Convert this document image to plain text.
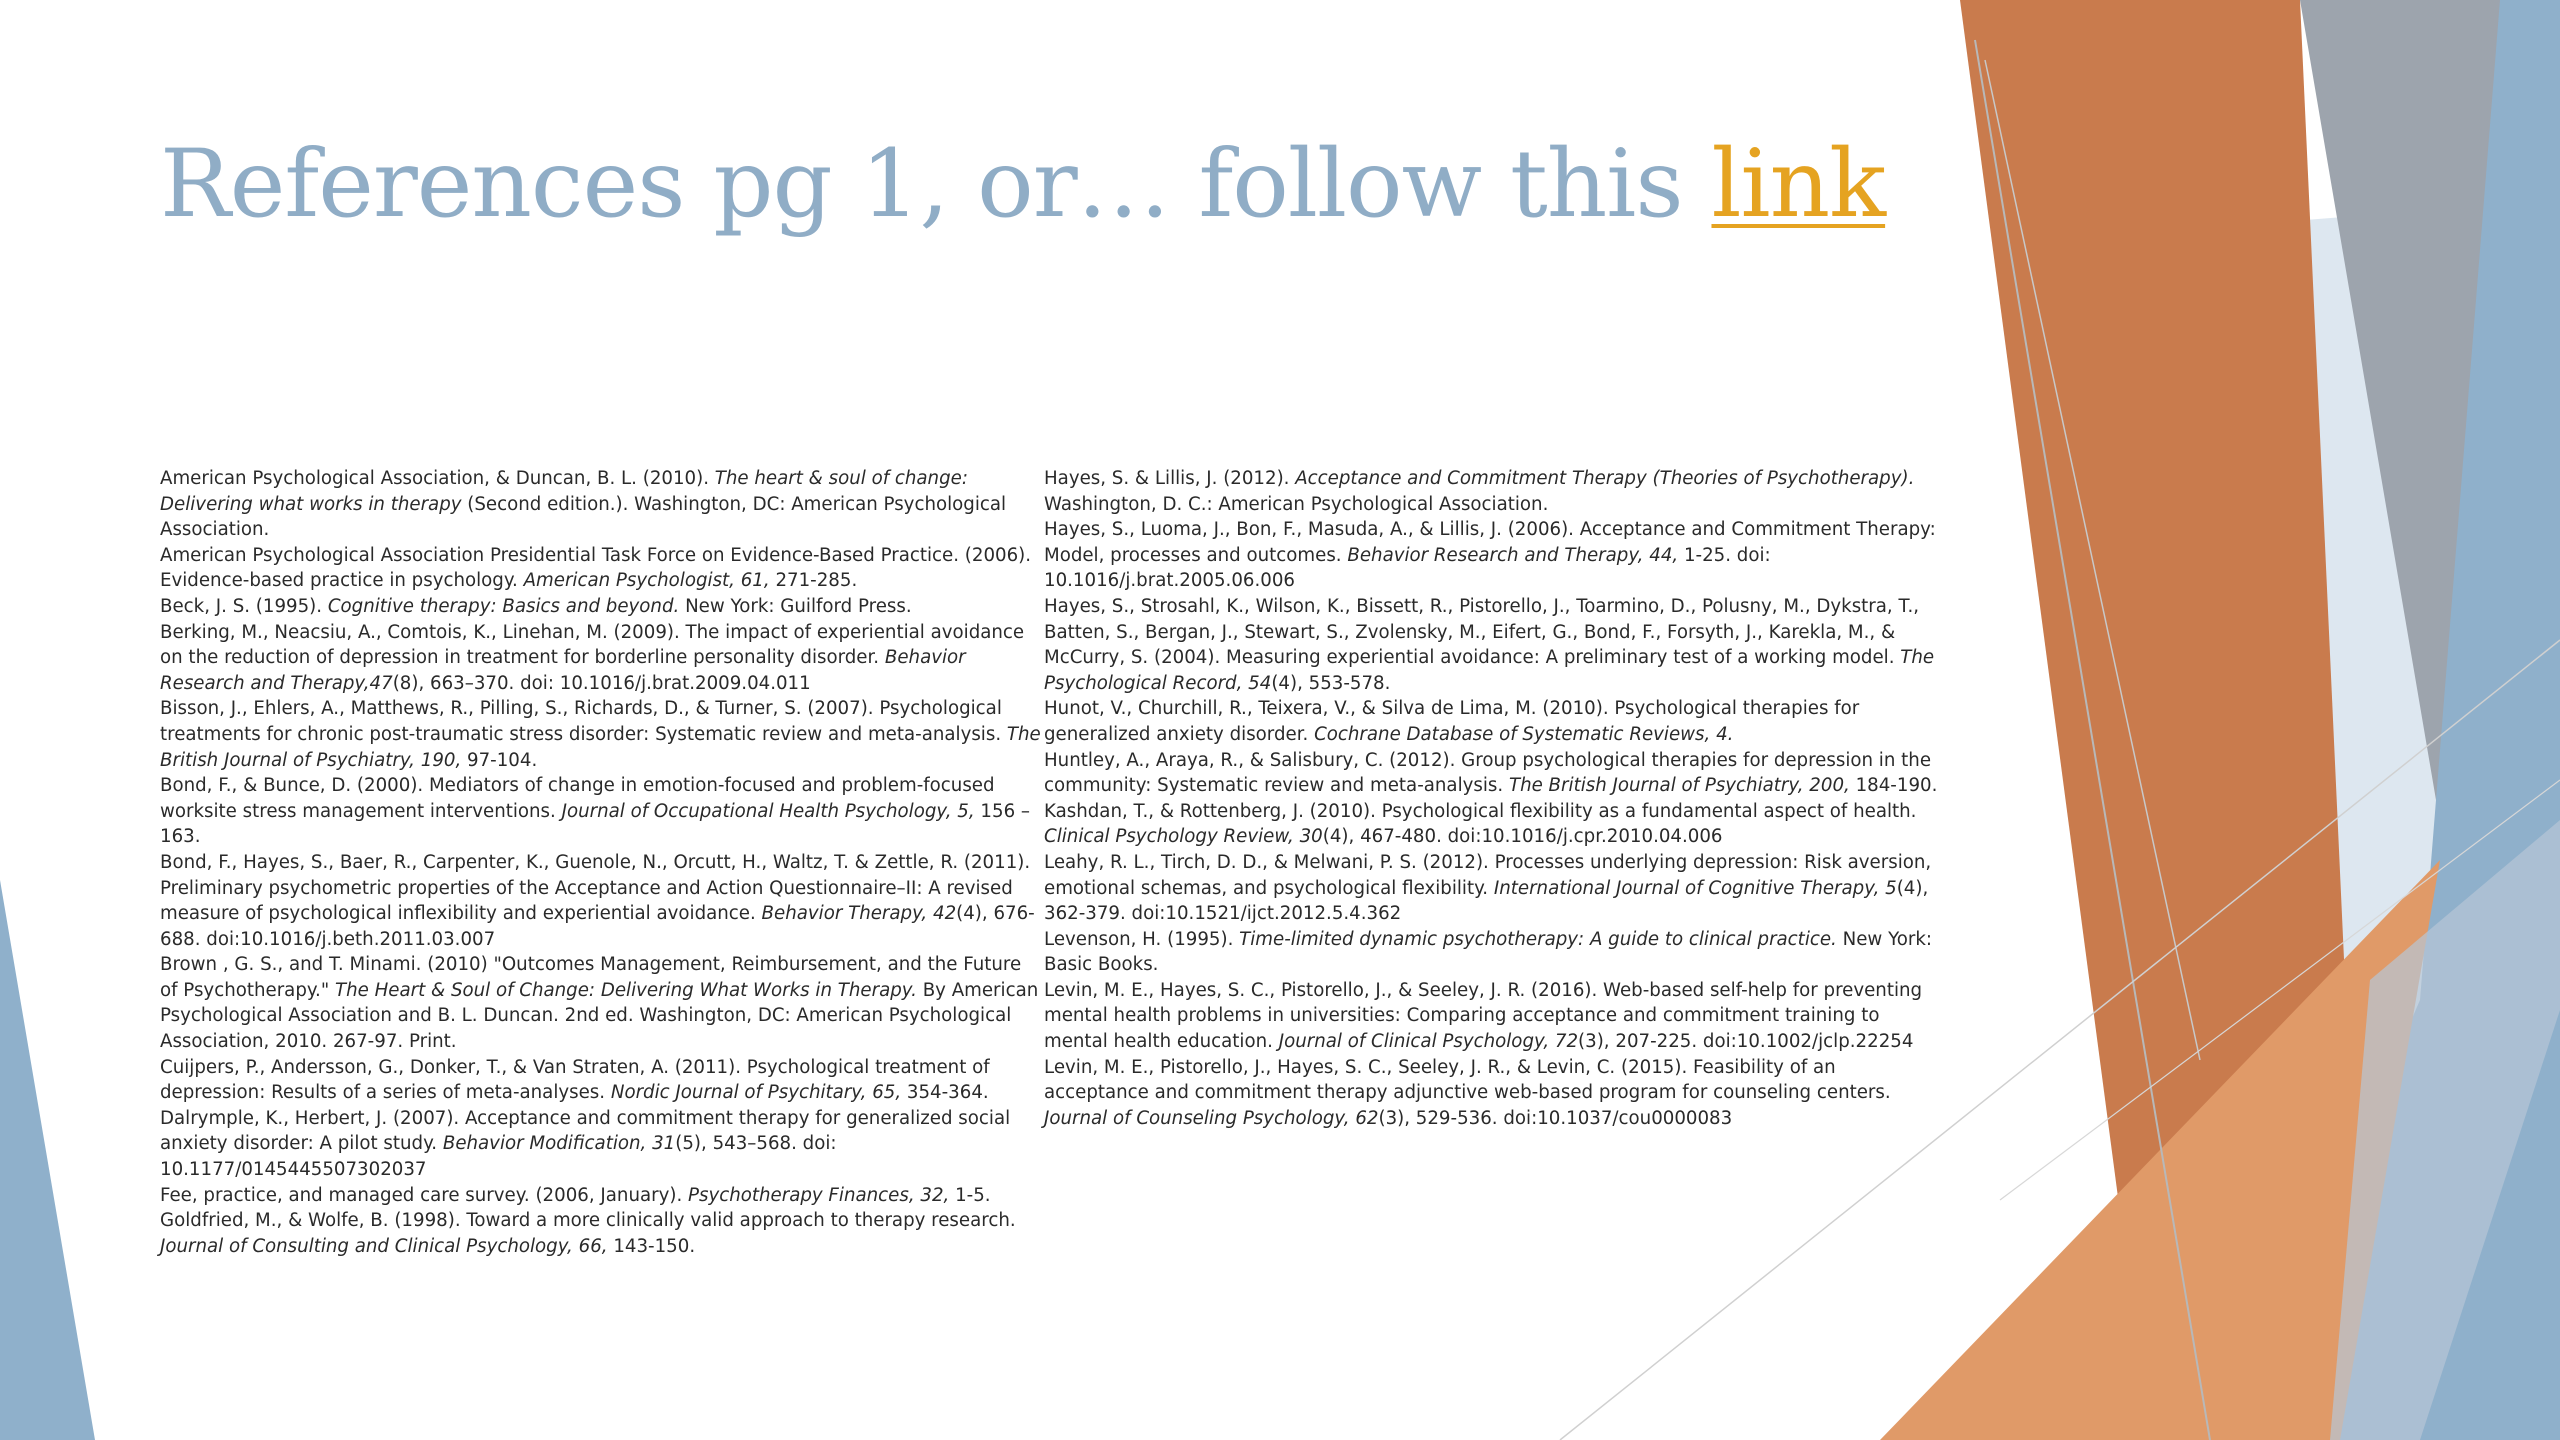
References pg 1, or… follow this link

American Psychological Association, & Duncan, B. L. (2010). The heart & soul of change: Delivering what works in therapy (Second edition.). Washington, DC: American Psychological Association.

American Psychological Association Presidential Task Force on Evidence-Based Practice. (2006). Evidence-based practice in psychology. American Psychologist, 61, 271-285.

Beck, J. S. (1995). Cognitive therapy: Basics and beyond. New York: Guilford Press.

Berking, M., Neacsiu, A., Comtois, K., Linehan, M. (2009). The impact of experiential avoidance on the reduction of depression in treatment for borderline personality disorder. Behavior Research and Therapy,47(8), 663–370. doi: 10.1016/j.brat.2009.04.011

Bisson, J., Ehlers, A., Matthews, R., Pilling, S., Richards, D., & Turner, S. (2007). Psychological treatments for chronic post-traumatic stress disorder: Systematic review and meta-analysis. The British Journal of Psychiatry, 190, 97-104.

Bond, F., & Bunce, D. (2000). Mediators of change in emotion-focused and problem-focused worksite stress management interventions. Journal of Occupational Health Psychology, 5, 156 – 163.

Bond, F., Hayes, S., Baer, R., Carpenter, K., Guenole, N., Orcutt, H., Waltz, T. & Zettle, R. (2011). Preliminary psychometric properties of the Acceptance and Action Questionnaire–II: A revised measure of psychological inflexibility and experiential avoidance. Behavior Therapy, 42(4), 676-688. doi:10.1016/j.beth.2011.03.007

Brown , G. S., and T. Minami. (2010) "Outcomes Management, Reimbursement, and the Future of Psychotherapy." The Heart & Soul of Change: Delivering What Works in Therapy. By American Psychological Association and B. L. Duncan. 2nd ed. Washington, DC: American Psychological Association, 2010. 267-97. Print.

Cuijpers, P., Andersson, G., Donker, T., & Van Straten, A. (2011). Psychological treatment of depression: Results of a series of meta-analyses. Nordic Journal of Psychitary, 65, 354-364.

Dalrymple, K., Herbert, J. (2007). Acceptance and commitment therapy for generalized social anxiety disorder: A pilot study. Behavior Modification, 31(5), 543–568. doi: 10.1177/0145445507302037

Fee, practice, and managed care survey. (2006, January). Psychotherapy Finances, 32, 1-5.

Goldfried, M., & Wolfe, B. (1998). Toward a more clinically valid approach to therapy research. Journal of Consulting and Clinical Psychology, 66, 143-150.

Hayes, S. & Lillis, J. (2012). Acceptance and Commitment Therapy (Theories of Psychotherapy). Washington, D. C.: American Psychological Association.

Hayes, S., Luoma, J., Bon, F., Masuda, A., & Lillis, J. (2006). Acceptance and Commitment Therapy: Model, processes and outcomes. Behavior Research and Therapy, 44, 1-25. doi: 10.1016/j.brat.2005.06.006

Hayes, S., Strosahl, K., Wilson, K., Bissett, R., Pistorello, J., Toarmino, D., Polusny, M., Dykstra, T., Batten, S., Bergan, J., Stewart, S., Zvolensky, M., Eifert, G., Bond, F., Forsyth, J., Karekla, M., & McCurry, S. (2004). Measuring experiential avoidance: A preliminary test of a working model. The Psychological Record, 54(4), 553-578.

Hunot, V., Churchill, R., Teixera, V., & Silva de Lima, M. (2010). Psychological therapies for generalized anxiety disorder. Cochrane Database of Systematic Reviews, 4.

Huntley, A., Araya, R., & Salisbury, C. (2012). Group psychological therapies for depression in the community: Systematic review and meta-analysis. The British Journal of Psychiatry, 200, 184-190.

Kashdan, T., & Rottenberg, J. (2010). Psychological flexibility as a fundamental aspect of health. Clinical Psychology Review, 30(4), 467-480. doi:10.1016/j.cpr.2010.04.006

Leahy, R. L., Tirch, D. D., & Melwani, P. S. (2012). Processes underlying depression: Risk aversion, emotional schemas, and psychological flexibility. International Journal of Cognitive Therapy, 5(4), 362-379. doi:10.1521/ijct.2012.5.4.362

Levenson, H. (1995). Time-limited dynamic psychotherapy: A guide to clinical practice. New York: Basic Books.

Levin, M. E., Hayes, S. C., Pistorello, J., & Seeley, J. R. (2016). Web-based self-help for preventing mental health problems in universities: Comparing acceptance and commitment training to mental health education. Journal of Clinical Psychology, 72(3), 207-225. doi:10.1002/jclp.22254

Levin, M. E., Pistorello, J., Hayes, S. C., Seeley, J. R., & Levin, C. (2015). Feasibility of an acceptance and commitment therapy adjunctive web-based program for counseling centers. Journal of Counseling Psychology, 62(3), 529-536. doi:10.1037/cou0000083
